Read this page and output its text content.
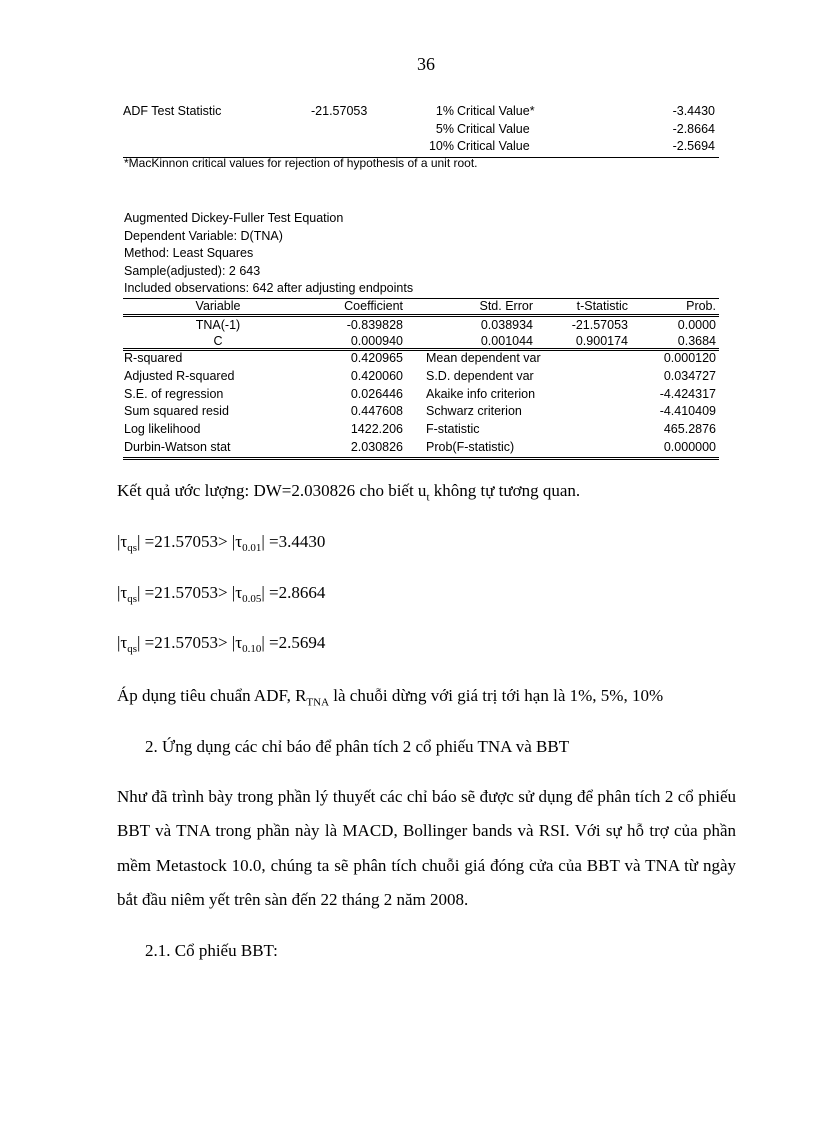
36
ADF Test Statistic	-21.57053	1% Critical Value*	-3.4430
5% Critical Value	-2.8664
10% Critical Value	-2.5694
*MacKinnon critical values for rejection of hypothesis of a unit root.
Augmented Dickey-Fuller Test Equation
Dependent Variable: D(TNA)
Method: Least Squares
Sample(adjusted): 2 643
Included observations: 642 after adjusting endpoints
Variable	Coefficient	Std. Error	t-Statistic	Prob.
TNA(-1)	-0.839828	0.038934	-21.57053	0.0000
C	0.000940	0.001044	0.900174	0.3684
R-squared	0.420965 Mean dependent var	0.000120
Adjusted R-squared	0.420060 S.D. dependent var	0.034727
S.E. of regression	0.026446 Akaike info criterion	-4.424317
Sum squared resid	0.447608 Schwarz criterion	-4.410409
Log likelihood	1422.206 F-statistic	465.2876
Durbin-Watson stat	2.030826 Prob(F-statistic)	0.000000
Kết quả ước lượng: DW=2.030826 cho biết $u_t$ không tự tương quan.
$|\tau_{qs}| =21.57053> |\tau_{0.01}| =3.4430$
$|\tau_{qs}| =21.57053> |\tau_{0.05}| =2.8664$
$|\tau_{qs}| =21.57053> |\tau_{0.10}| =2.5694$
Áp dụng tiêu chuẩn ADF, $R_{TNA}$ là chuỗi dừng với giá trị tới hạn là 1%, 5%, 10%
2. Ứng dụng các chỉ báo để phân tích 2 cổ phiếu TNA và BBT
Như đã trình bày trong phần lý thuyết các chỉ báo sẽ được sử dụng để phân tích 2 cổ phiếu BBT và TNA trong phần này là MACD, Bollinger bands và RSI. Với sự hỗ trợ của phần mềm Metastock 10.0, chúng ta sẽ phân tích chuỗi giá đóng cửa của BBT và TNA từ ngày bắt đầu niêm yết trên sàn đến 22 tháng 2 năm 2008.
2.1. Cổ phiếu BBT:
